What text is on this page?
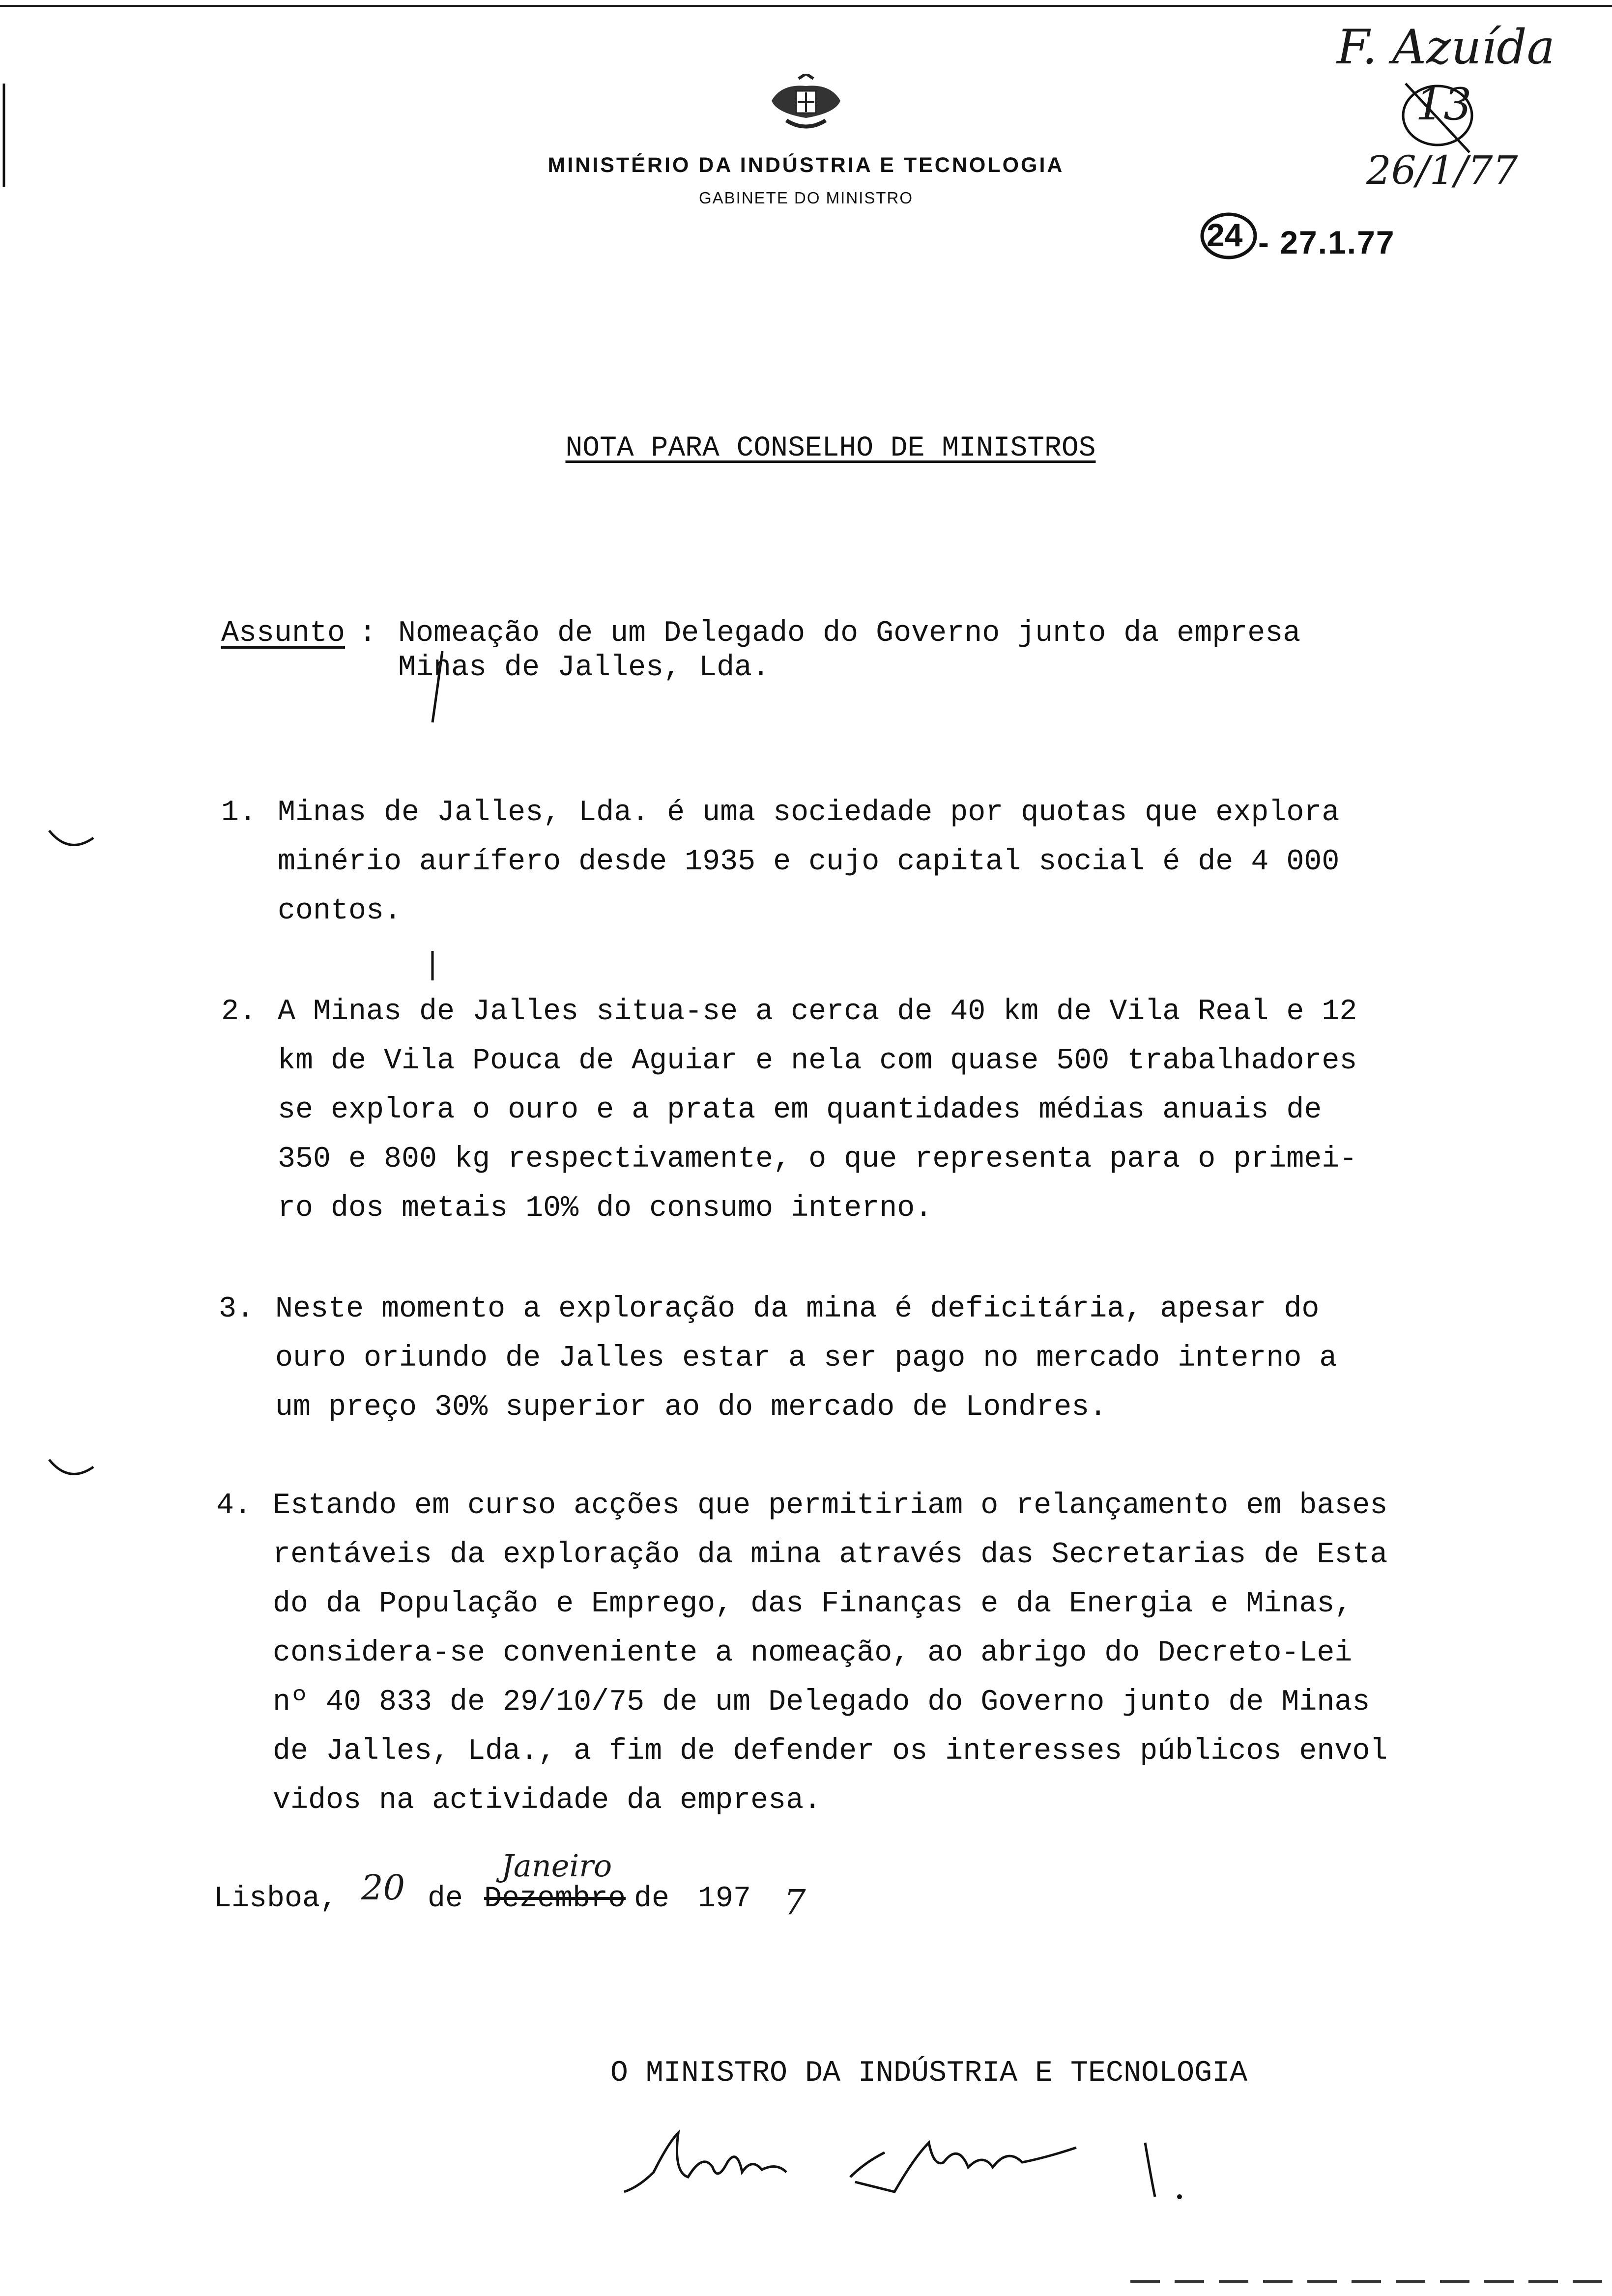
MINISTÉRIO DA INDÚSTRIA E TECNOLOGIA
GABINETE DO MINISTRO
F. Azuída
13
26/1/77
24 - 27.1.77
NOTA PARA CONSELHO DE MINISTROS
Assunto : Nomeação de um Delegado do Governo junto da empresa
Minas de Jalles, Lda.
1. Minas de Jalles, Lda. é uma sociedade por quotas que explora
minério aurífero desde 1935 e cujo capital social é de 4 000
contos.
2. A Minas de Jalles situa-se a cerca de 40 km de Vila Real e 12
km de Vila Pouca de Aguiar e nela com quase 500 trabalhadores
se explora o ouro e a prata em quantidades médias anuais de
350 e 800 kg respectivamente, o que representa para o primei-
ro dos metais 10% do consumo interno.
3. Neste momento a exploração da mina é deficitária, apesar do
ouro oriundo de Jalles estar a ser pago no mercado interno a
um preço 30% superior ao do mercado de Londres.
4. Estando em curso acções que permitiriam o relançamento em bases
rentáveis da exploração da mina através das Secretarias de Esta
do da População e Emprego, das Finanças e da Energia e Minas,
considera-se conveniente a nomeação, ao abrigo do Decreto-Lei
nº 40 833 de 29/10/75 de um Delegado do Governo junto de Minas
de Jalles, Lda., a fim de defender os interesses públicos envol
vidos na actividade da empresa.
Lisboa, 20 de Dezembro
Janeiro
de 197 7
O MINISTRO DA INDÚSTRIA E TECNOLOGIA
